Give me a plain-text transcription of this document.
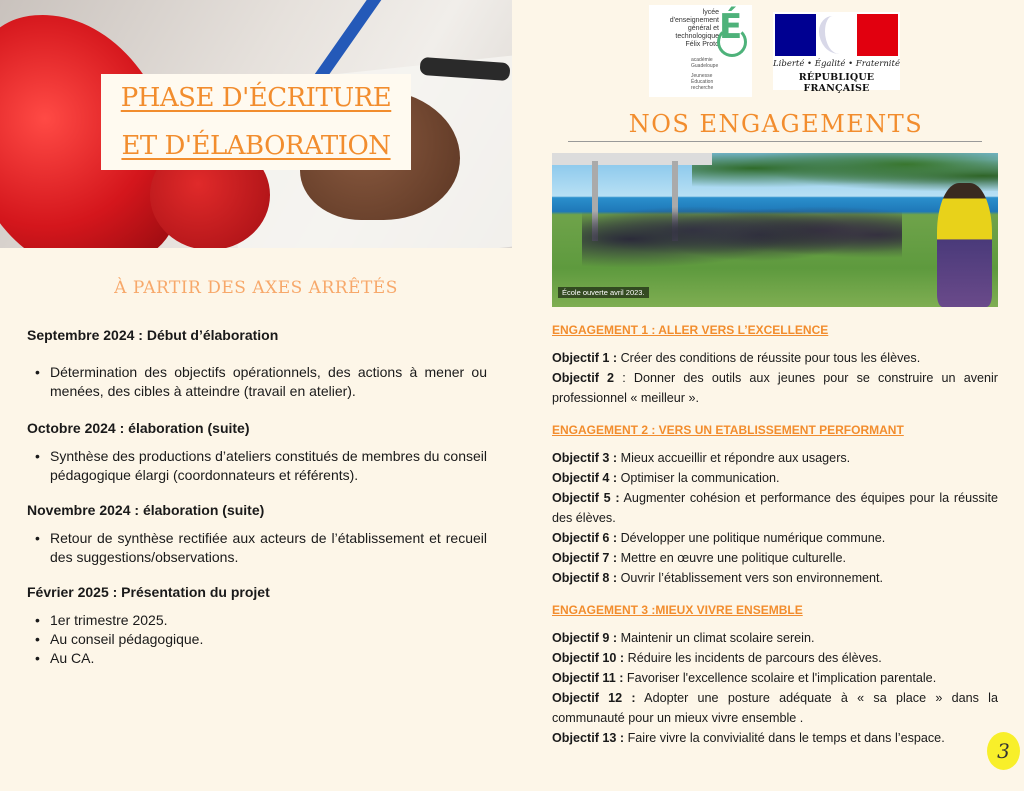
PHASE D'ÉCRITURE
ET D'ÉLABORATION
À PARTIR DES AXES ARRÊTÉS
Septembre 2024 : Début d’élaboration
• Détermination des objectifs opérationnels, des actions à mener ou menées, des cibles à atteindre (travail en atelier).
Octobre 2024 : élaboration (suite)
• Synthèse des productions d’ateliers constitués de membres du conseil pédagogique élargi (coordonnateurs et référents).
Novembre 2024 : élaboration (suite)
• Retour de synthèse rectifiée aux acteurs de l’établissement et recueil des suggestions/observations.
Février 2025 : Présentation du projet
• 1er trimestre 2025.
• Au conseil pédagogique.
• Au CA.
lycée d'enseignement
général et technologique
Félix Proto É
académie Guadeloupe
Jeunesse Éducation recherche
Liberté • Égalité • Fraternité
RÉPUBLIQUE FRANÇAISE
NOS ENGAGEMENTS
École ouverte avril 2023.
ENGAGEMENT 1 : ALLER VERS L’EXCELLENCE
Objectif 1 : Créer des conditions de réussite pour tous les élèves.
Objectif 2 : Donner des outils aux jeunes pour se construire un avenir professionnel « meilleur ».
ENGAGEMENT 2 : VERS UN ETABLISSEMENT PERFORMANT
Objectif 3 : Mieux accueillir et répondre aux usagers.
Objectif 4 : Optimiser la communication.
Objectif 5 : Augmenter cohésion et performance des équipes pour la réussite des élèves.
Objectif 6 : Développer une politique numérique commune.
Objectif 7 : Mettre en œuvre une politique culturelle.
Objectif 8 : Ouvrir l’établissement vers son environnement.
ENGAGEMENT 3 :MIEUX VIVRE ENSEMBLE
Objectif 9 : Maintenir un climat scolaire serein.
Objectif 10 : Réduire les incidents de parcours des élèves.
Objectif 11 : Favoriser l'excellence scolaire et l'implication parentale.
Objectif 12 : Adopter une posture adéquate à « sa place » dans la communauté pour un mieux vivre ensemble .
Objectif 13 : Faire vivre la convivialité dans le temps et dans l’espace.
3
